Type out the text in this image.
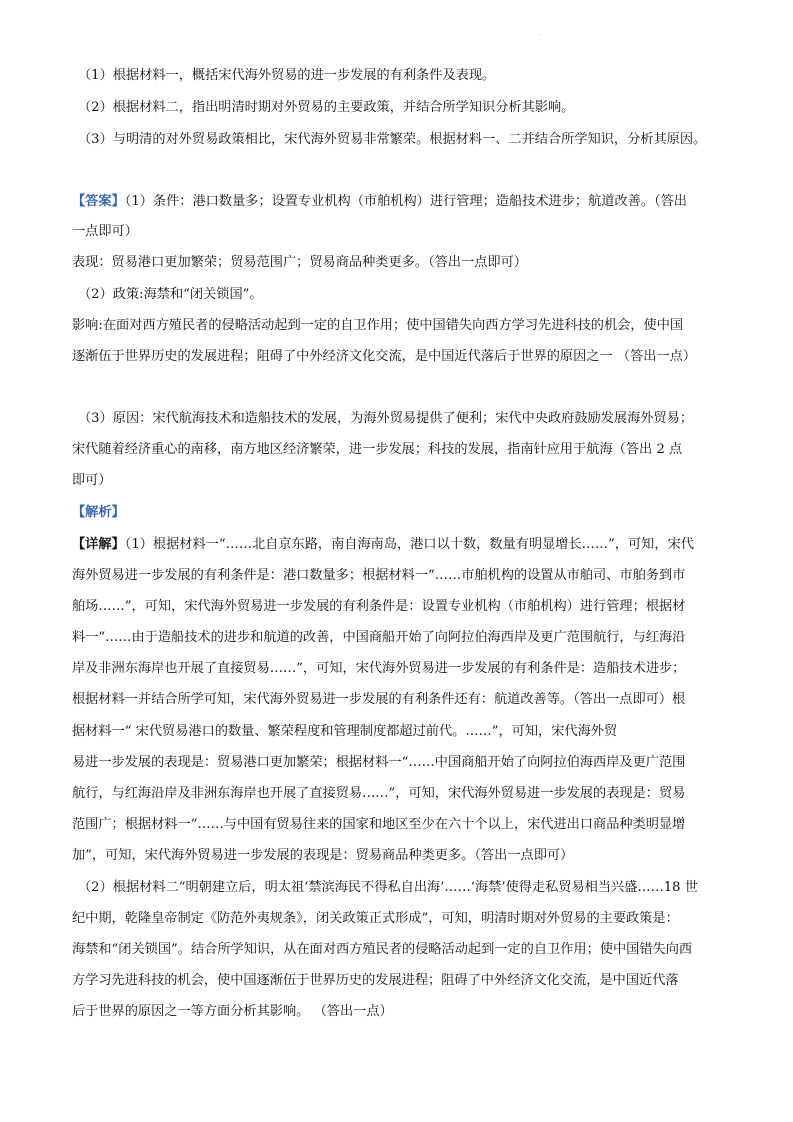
.
（1）根据材料一，概括宋代海外贸易的进一步发展的有利条件及表现。
（2）根据材料二，指出明清时期对外贸易的主要政策，并结合所学知识分析其影响。
（3）与明清的对外贸易政策相比，宋代海外贸易非常繁荣。根据材料一、二并结合所学知识，分析其原因。
【答案】（1）条件：港口数量多；设置专业机构（市舶机构）进行管理；造船技术进步；航道改善。（答出
一点即可）
表现：贸易港口更加繁荣；贸易范围广；贸易商品种类更多。（答出一点即可）
（2）政策:海禁和“闭关锁国”。
影响:在面对西方殖民者的侵略活动起到一定的自卫作用；使中国错失向西方学习先进科技的机会，使中国
逐渐伍于世界历史的发展进程；阻碍了中外经济文化交流，是中国近代落后于世界的原因之一 （答出一点）
（3）原因：宋代航海技术和造船技术的发展，为海外贸易提供了便利；宋代中央政府鼓励发展海外贸易；
宋代随着经济重心的南移，南方地区经济繁荣，进一步发展；科技的发展，指南针应用于航海（答出 2 点
即可）
【解析】
【详解】（1）根据材料一“……北自京东路，南自海南岛，港口以十数，数量有明显增长……”，可知，宋代
海外贸易进一步发展的有利条件是：港口数量多；根据材料一“……市舶机构的设置从市舶司、市舶务到市
舶场……”，可知，宋代海外贸易进一步发展的有利条件是：设置专业机构（市舶机构）进行管理；根据材
料一“……由于造船技术的进步和航道的改善，中国商船开始了向阿拉伯海西岸及更广范围航行，与红海沿
岸及非洲东海岸也开展了直接贸易……”，可知，宋代海外贸易进一步发展的有利条件是：造船技术进步；
根据材料一并结合所学可知，宋代海外贸易进一步发展的有利条件还有：航道改善等。（答出一点即可）根
据材料一“ 宋代贸易港口的数量、繁荣程度和管理制度都超过前代。……”，可知，宋代海外贸
易进一步发展的表现是：贸易港口更加繁荣；根据材料一“……中国商船开始了向阿拉伯海西岸及更广范围
航行，与红海沿岸及非洲东海岸也开展了直接贸易……”，可知，宋代海外贸易进一步发展的表现是：贸易
范围广；根据材料一“……与中国有贸易往来的国家和地区至少在六十个以上，宋代进出口商品种类明显增
加”，可知，宋代海外贸易进一步发展的表现是：贸易商品种类更多。（答出一点即可）
（2）根据材料二“明朝建立后，明太祖‘禁滨海民不得私自出海’……‘海禁’使得走私贸易相当兴盛……18 世
纪中期，乾隆皇帝制定《防范外夷规条》，闭关政策正式形成”，可知，明清时期对外贸易的主要政策是：
海禁和“闭关锁国”。结合所学知识，从在面对西方殖民者的侵略活动起到一定的自卫作用；使中国错失向西
方学习先进科技的机会，使中国逐渐伍于世界历史的发展进程；阻碍了中外经济文化交流，是中国近代落
后于世界的原因之一等方面分析其影响。 （答出一点）
